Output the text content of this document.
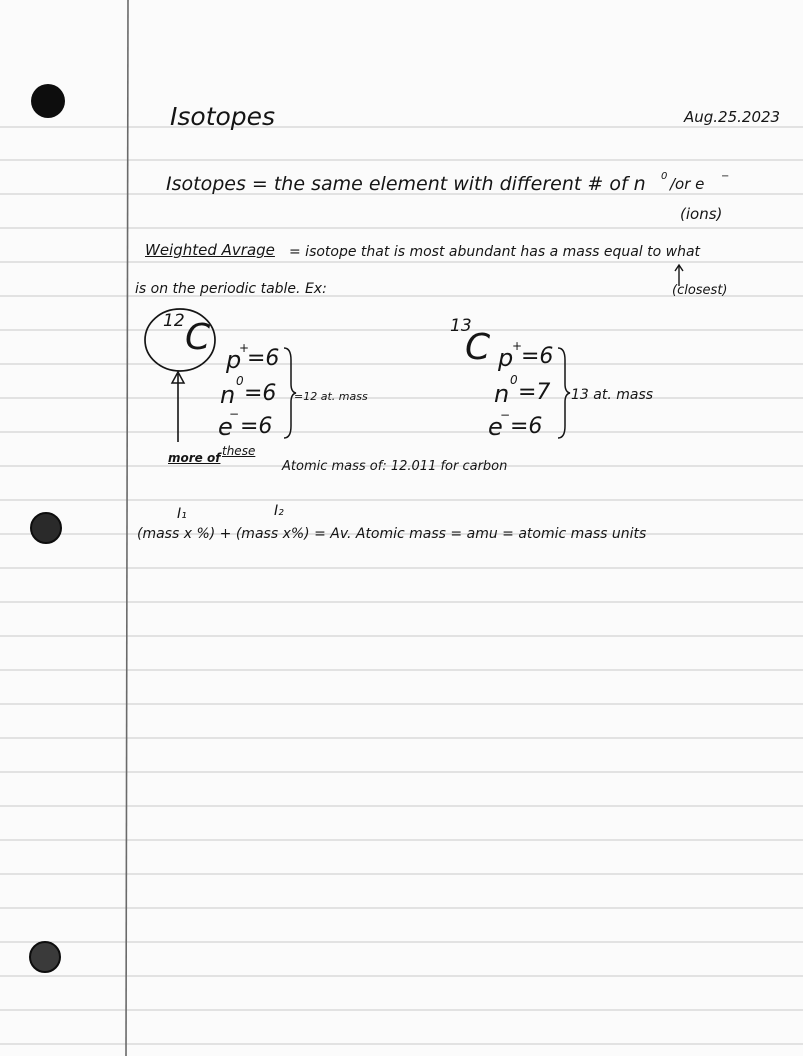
Isotopes	Aug.25.2023
Isotopes = the same element with different # of n 0 /or e −
(ions)
Weighted Avrage = isotope that is most abundant has a mass equal to what
is on the periodic table. Ex:	(closest)
12 C
p
+
=6
n 0 =6
e
− =6
=12 at. mass
more of these
13
C p
+
=6
n 0 =7
e
− =6
13 at. mass
Atomic mass of: 12.011 for carbon
I₁	I₂
(mass x %) + (mass x%) = Av. Atomic mass = amu = atomic mass units
